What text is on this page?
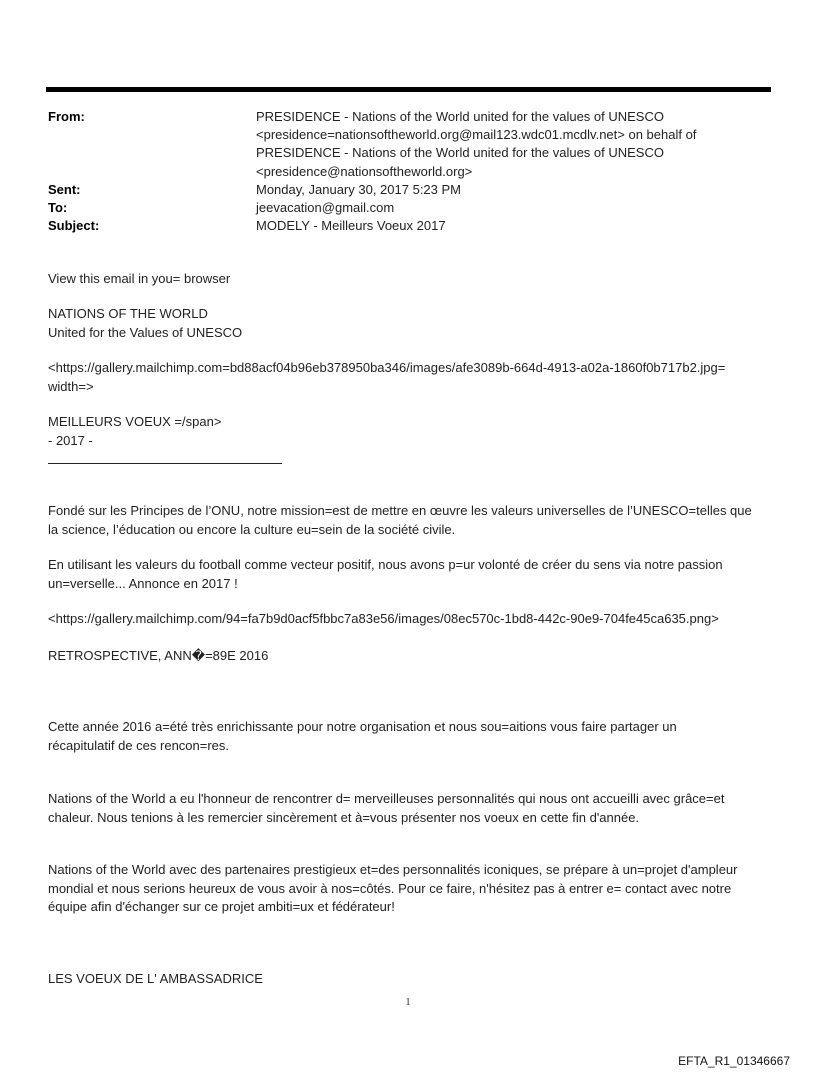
From:	PRESIDENCE - Nations of the World united for the values of UNESCO
<presidence=nationsoftheworld.org@mail123.wdc01.mcdlv.net> on behalf of
PRESIDENCE - Nations of the World united for the values of UNESCO
<presidence@nationsoftheworld.org>
Sent:	Monday, January 30, 2017 5:23 PM
To:	jeevacation@gmail.com
Subject:	MODELY - Meilleurs Voeux 2017
View this email in you= browser
NATIONS OF THE WORLD
United for the Values of UNESCO
<https://gallery.mailchimp.com=bd88acf04b96eb378950ba346/images/afe3089b-664d-4913-a02a-1860f0b717b2.jpg=
width=>
MEILLEURS VOEUX =/span>
- 2017 -
Fondé sur les Principes de l’ONU, notre mission=est de mettre en œuvre les valeurs universelles de l’UNESCO=telles que
la science, l’éducation ou encore la culture eu=sein de la société civile.
En utilisant les valeurs du football comme vecteur positif, nous avons p=ur volonté de créer du sens via notre passion
un=verselle... Annonce en 2017 !
<https://gallery.mailchimp.com/94=fa7b9d0acf5fbbc7a83e56/images/08ec570c-1bd8-442c-90e9-704fe45ca635.png>
RETROSPECTIVE, ANN�=89E 2016
Cette année 2016 a=été très enrichissante pour notre organisation et nous sou=aitions vous faire partager un
récapitulatif de ces rencon=res.
Nations of the World a eu l'honneur de rencontrer d= merveilleuses personnalités qui nous ont accueilli avec grâce=et
chaleur. Nous tenions à les remercier sincèrement et à=vous présenter nos voeux en cette fin d'année.
Nations of the World avec des partenaires prestigieux et=des personnalités iconiques, se prépare à un=projet d'ampleur
mondial et nous serions heureux de vous avoir à nos=côtés. Pour ce faire, n'hésitez pas à entrer e= contact avec notre
équipe afin d'échanger sur ce projet ambiti=ux et fédérateur!
LES VOEUX DE L' AMBASSADRICE
1
EFTA_R1_01346667
